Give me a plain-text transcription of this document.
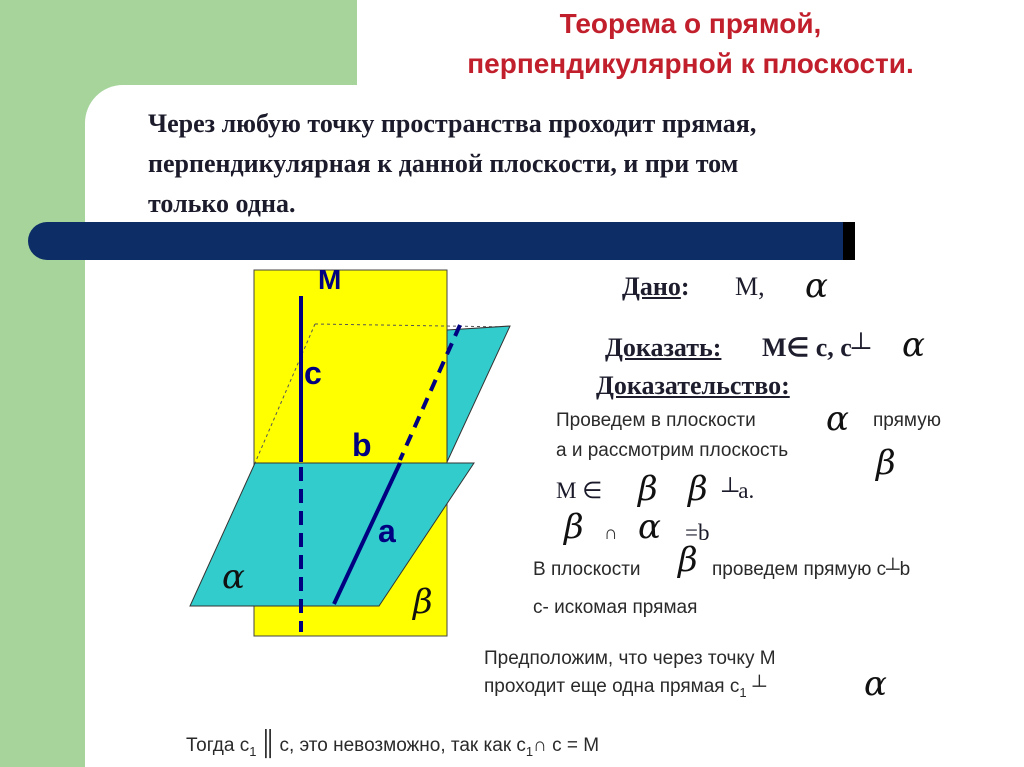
Теорема о прямой,
перпендикулярной к плоскости.

Через любую точку пространства проходит прямая,
перпендикулярная к данной плоскости, и при том
только одна.

M
c
b
a
α
β
Дано: M, α
Доказать: M∈ c, c┴ α
Доказательство:
Проведем в плоскости α прямую
а и рассмотрим плоскость	β
M ∈ β β ┴a.
β ∩ α =b
В плоскости β проведем прямую с┴b
с- искомая прямая
Предположим, что через точку М
проходит еще одна прямая $с_1$ ┴	α
Тогда $с_1$ ║ с, это невозможно, так как $с_1\cap$ с = М
